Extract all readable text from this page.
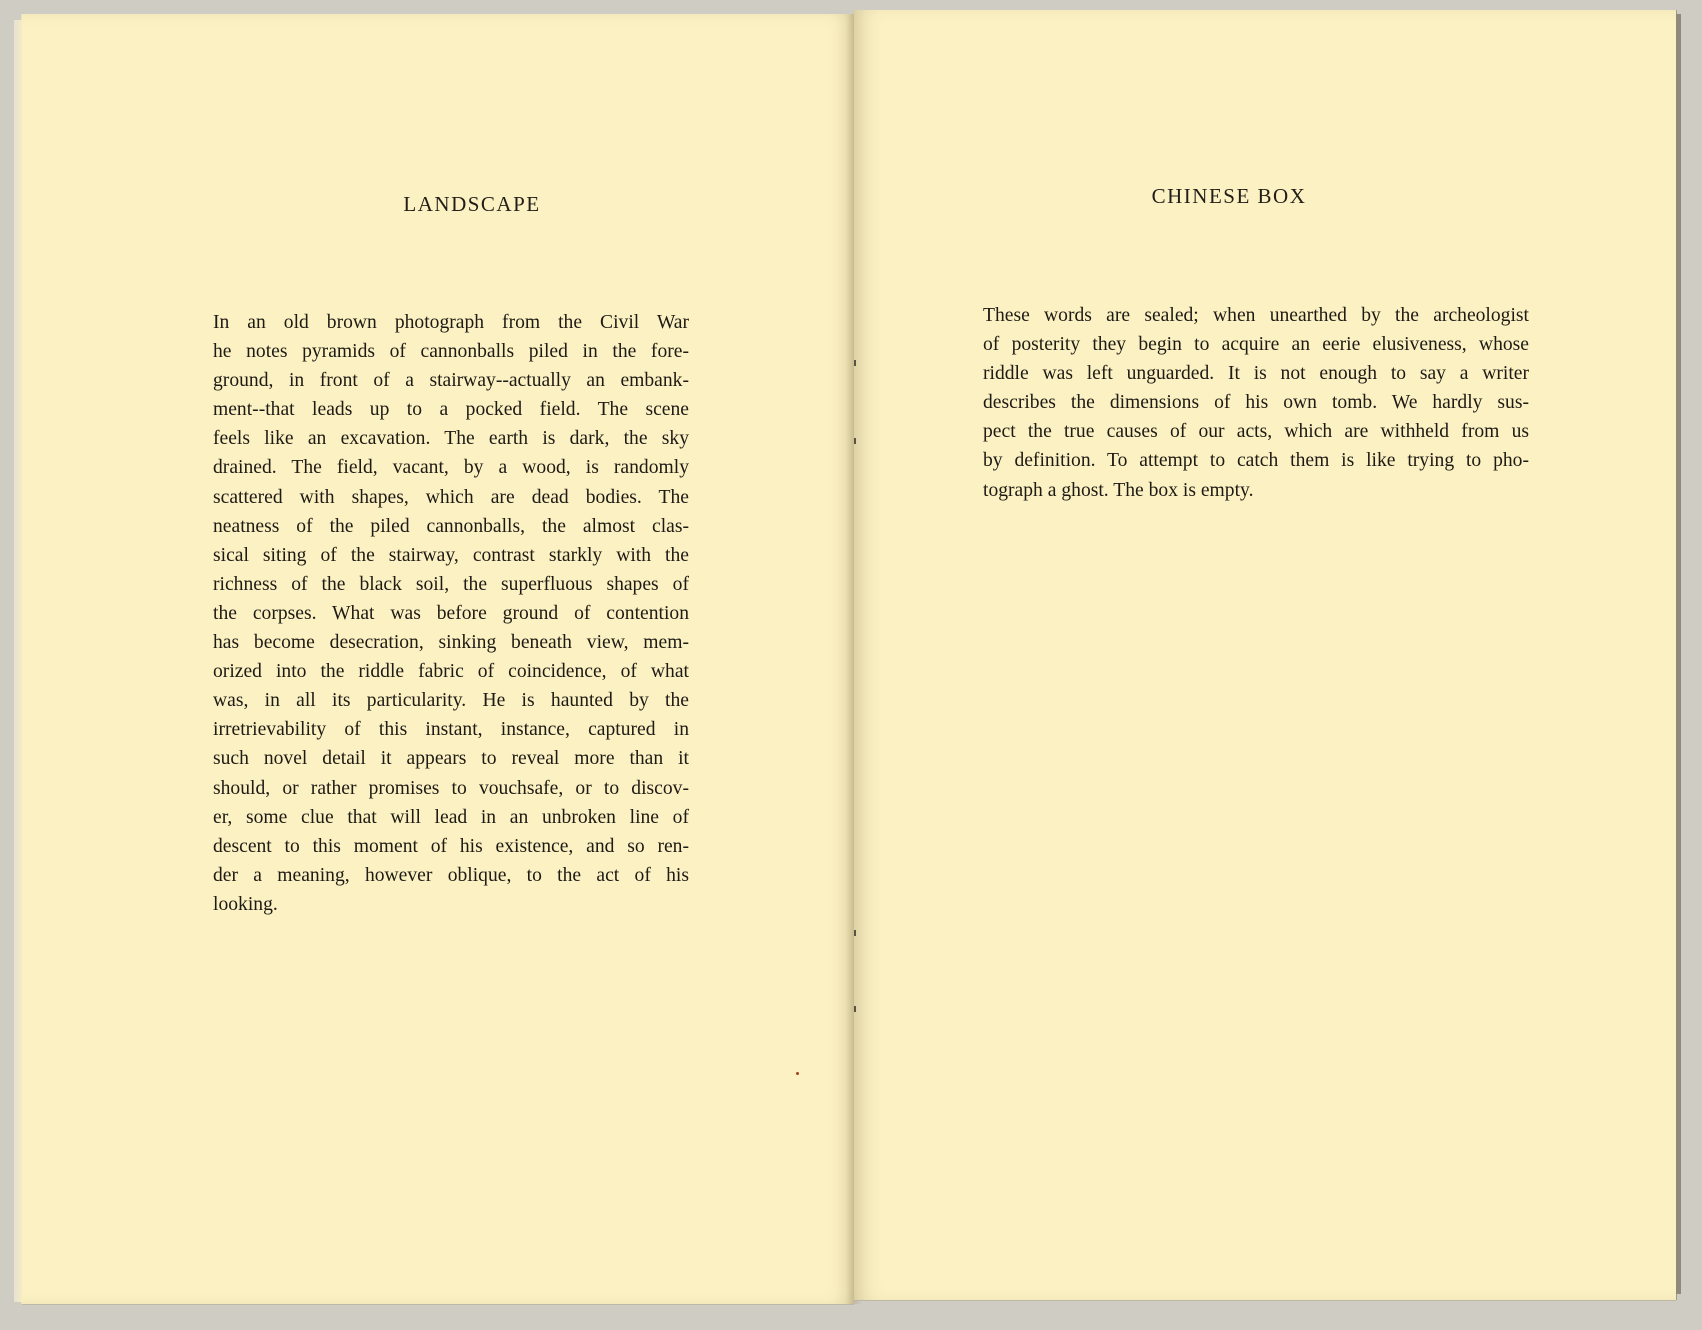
LANDSCAPE
In an old brown photograph from the Civil War
he notes pyramids of cannonballs piled in the fore-
ground, in front of a stairway--actually an embank-
ment--that leads up to a pocked field. The scene
feels like an excavation. The earth is dark, the sky
drained. The field, vacant, by a wood, is randomly
scattered with shapes, which are dead bodies. The
neatness of the piled cannonballs, the almost clas-
sical siting of the stairway, contrast starkly with the
richness of the black soil, the superfluous shapes of
the corpses. What was before ground of contention
has become desecration, sinking beneath view, mem-
orized into the riddle fabric of coincidence, of what
was, in all its particularity. He is haunted by the
irretrievability of this instant, instance, captured in
such novel detail it appears to reveal more than it
should, or rather promises to vouchsafe, or to discov-
er, some clue that will lead in an unbroken line of
descent to this moment of his existence, and so ren-
der a meaning, however oblique, to the act of his
looking.
CHINESE BOX
These words are sealed; when unearthed by the archeologist
of posterity they begin to acquire an eerie elusiveness, whose
riddle was left unguarded. It is not enough to say a writer
describes the dimensions of his own tomb. We hardly sus-
pect the true causes of our acts, which are withheld from us
by definition. To attempt to catch them is like trying to pho-
tograph a ghost. The box is empty.
